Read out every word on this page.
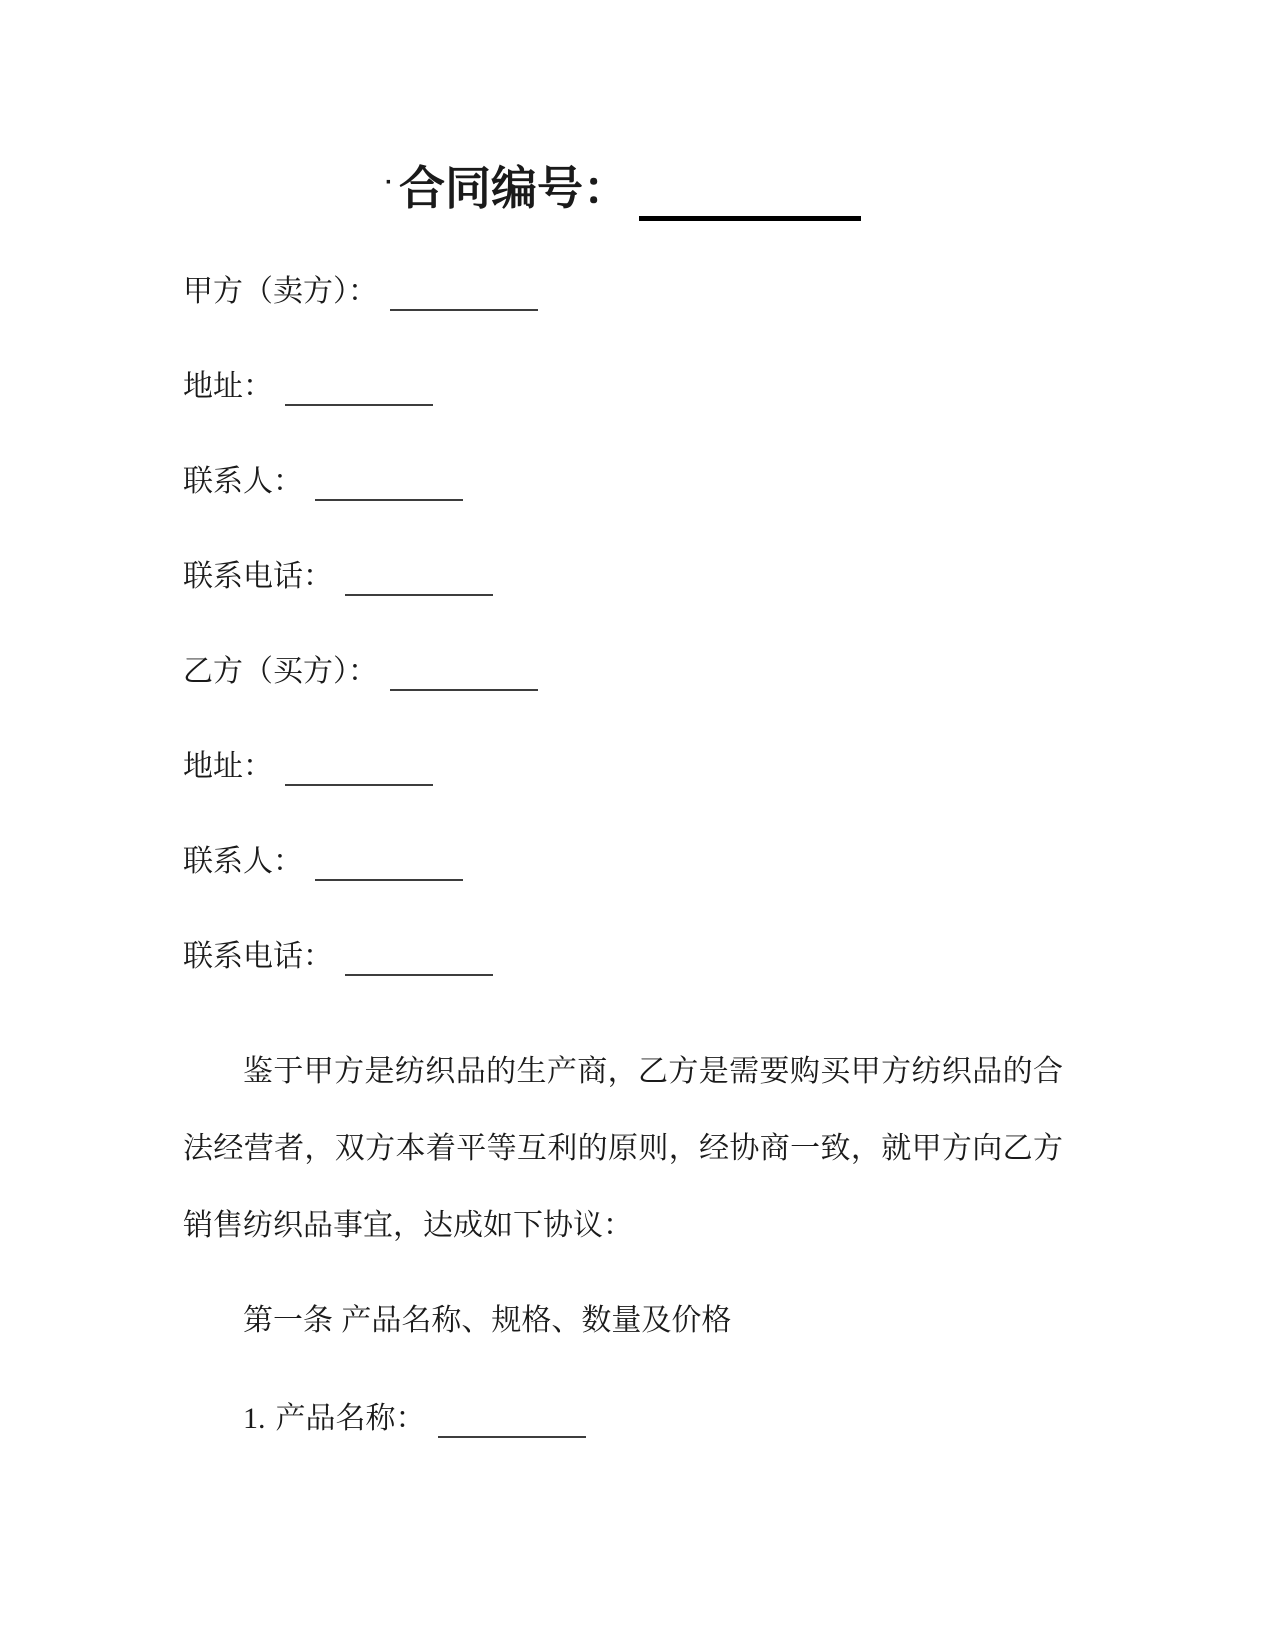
· 合同编号：
甲方（卖方）：
地址：
联系人：
联系电话：
乙方（买方）：
地址：
联系人：
联系电话：

鉴于甲方是纺织品的生产商，乙方是需要购买甲方纺织品的合法经营者，双方本着平等互利的原则，经协商一致，就甲方向乙方销售纺织品事宜，达成如下协议：

第一条 产品名称、规格、数量及价格
1. 产品名称：
